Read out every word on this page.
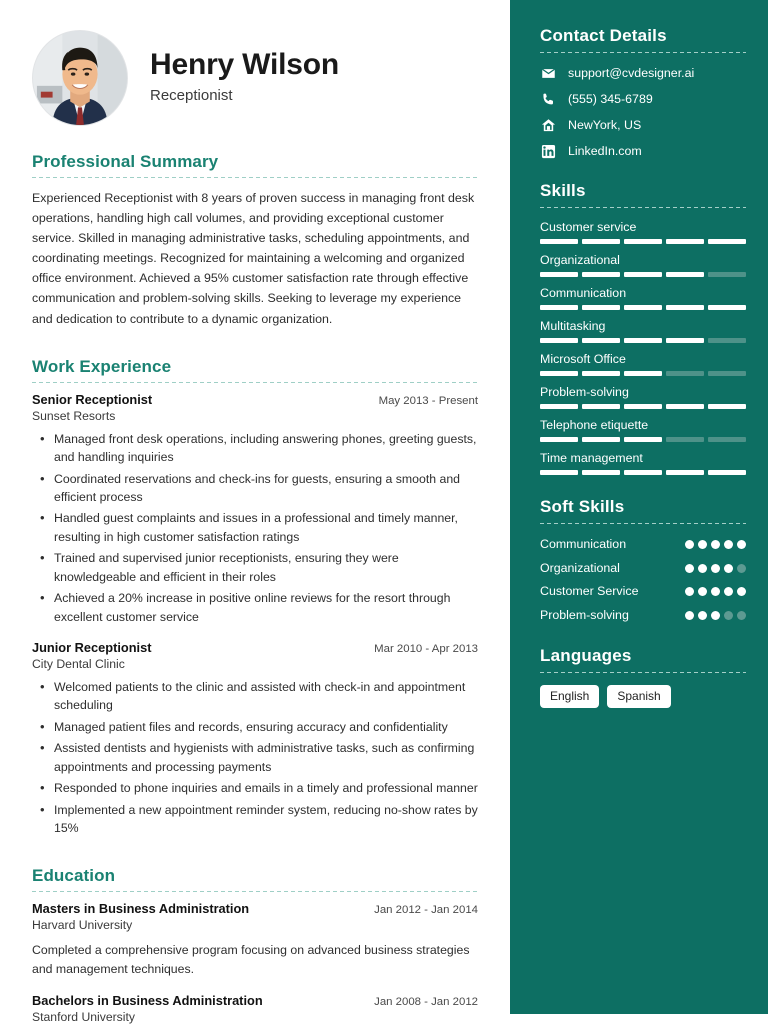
Henry Wilson
Receptionist
Professional Summary
Experienced Receptionist with 8 years of proven success in managing front desk operations, handling high call volumes, and providing exceptional customer service. Skilled in managing administrative tasks, scheduling appointments, and coordinating meetings. Recognized for maintaining a welcoming and organized office environment. Achieved a 95% customer satisfaction rate through effective communication and problem-solving skills. Seeking to leverage my experience and dedication to contribute to a dynamic organization.
Work Experience
Senior Receptionist	May 2013 - Present
Sunset Resorts
• Managed front desk operations, including answering phones, greeting guests, and handling inquiries
• Coordinated reservations and check-ins for guests, ensuring a smooth and efficient process
• Handled guest complaints and issues in a professional and timely manner, resulting in high customer satisfaction ratings
• Trained and supervised junior receptionists, ensuring they were knowledgeable and efficient in their roles
• Achieved a 20% increase in positive online reviews for the resort through excellent customer service
Junior Receptionist	Mar 2010 - Apr 2013
City Dental Clinic
• Welcomed patients to the clinic and assisted with check-in and appointment scheduling
• Managed patient files and records, ensuring accuracy and confidentiality
• Assisted dentists and hygienists with administrative tasks, such as confirming appointments and processing payments
• Responded to phone inquiries and emails in a timely and professional manner
• Implemented a new appointment reminder system, reducing no-show rates by 15%
Education
Masters in Business Administration	Jan 2012 - Jan 2014
Harvard University
Completed a comprehensive program focusing on advanced business strategies and management techniques.
Bachelors in Business Administration	Jan 2008 - Jan 2012
Stanford University
Contact Details
support@cvdesigner.ai
(555) 345-6789
NewYork, US
LinkedIn.com
Skills
Customer service
Organizational
Communication
Multitasking
Microsoft Office
Problem-solving
Telephone etiquette
Time management
Soft Skills
Communication
Organizational
Customer Service
Problem-solving
Languages
English	Spanish
